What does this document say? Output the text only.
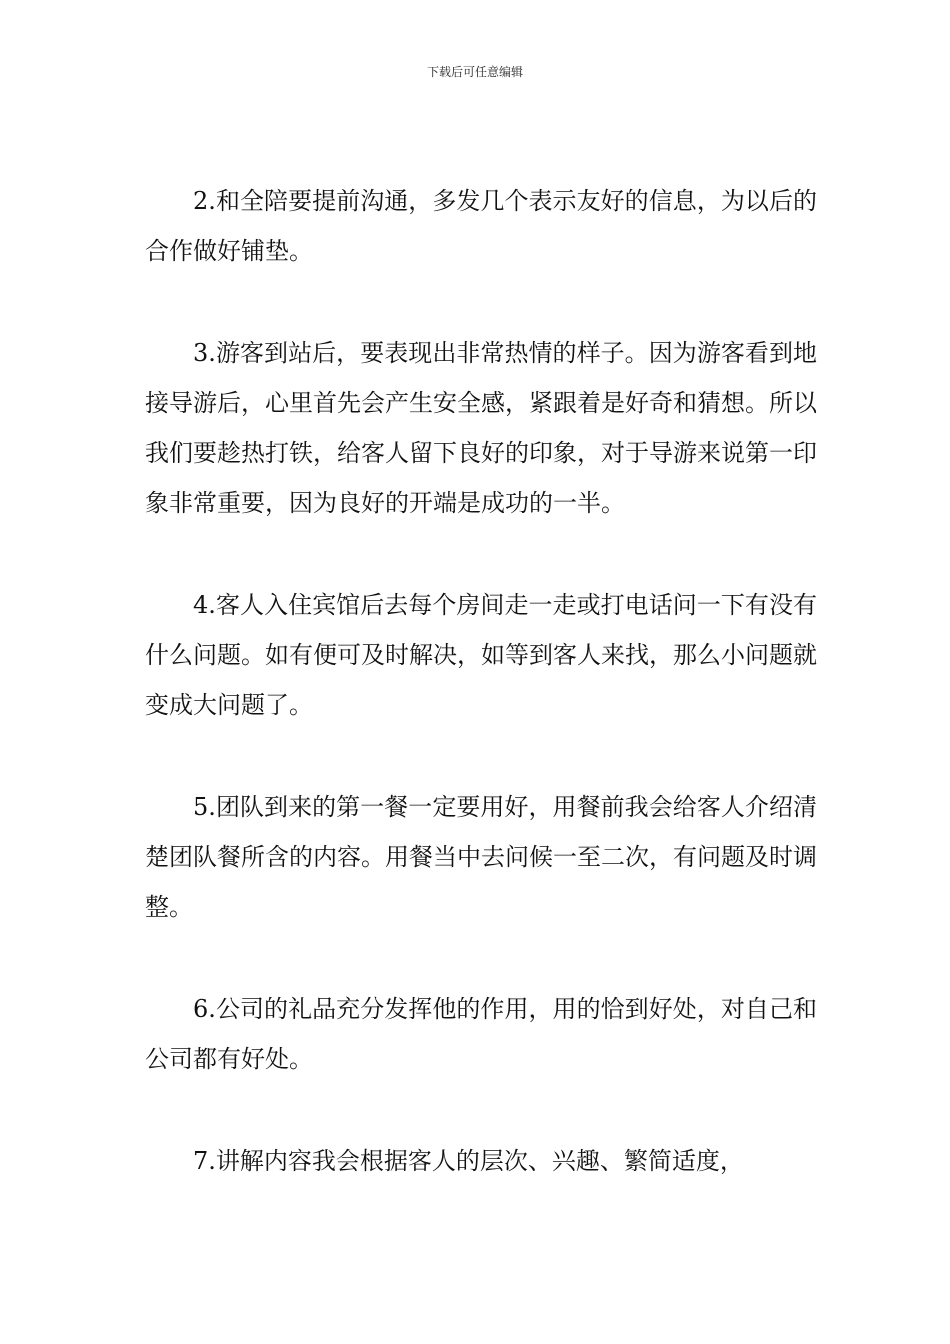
下载后可任意编辑

2.和全陪要提前沟通，多发几个表示友好的信息，为以后的合作做好铺垫。

3.游客到站后，要表现出非常热情的样子。因为游客看到地接导游后，心里首先会产生安全感，紧跟着是好奇和猜想。所以我们要趁热打铁，给客人留下良好的印象，对于导游来说第一印象非常重要，因为良好的开端是成功的一半。

4.客人入住宾馆后去每个房间走一走或打电话问一下有没有什么问题。如有便可及时解决，如等到客人来找，那么小问题就变成大问题了。

5.团队到来的第一餐一定要用好，用餐前我会给客人介绍清楚团队餐所含的内容。用餐当中去问候一至二次，有问题及时调整。

6.公司的礼品充分发挥他的作用，用的恰到好处，对自己和公司都有好处。

7.讲解内容我会根据客人的层次、兴趣、繁简适度，
